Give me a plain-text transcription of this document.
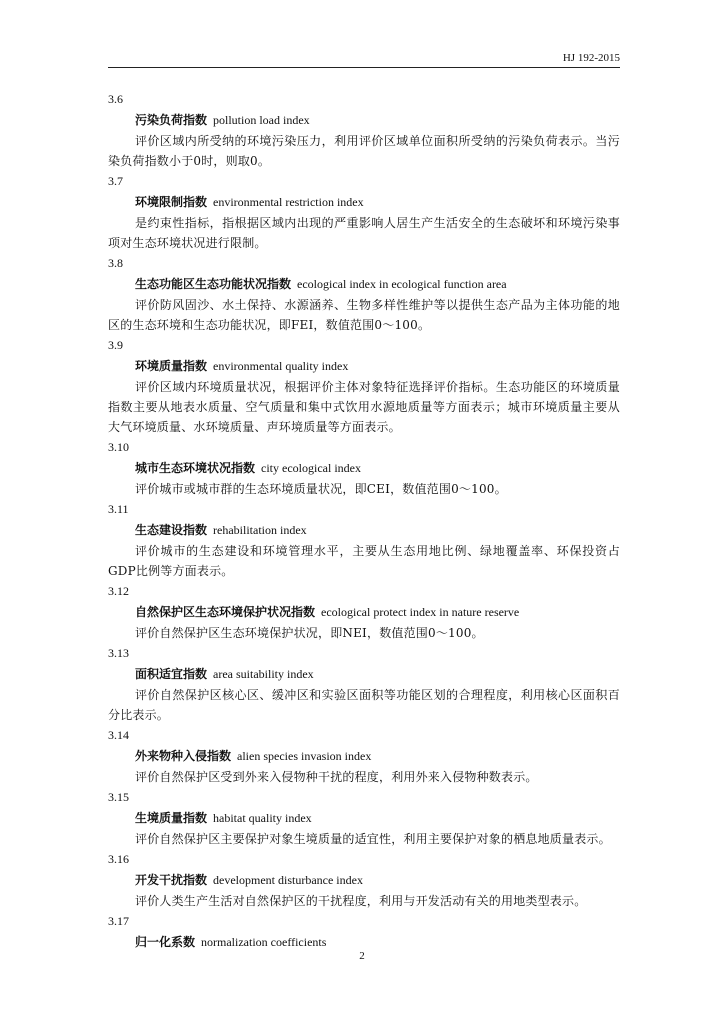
HJ 192-2015
3.6
污染负荷指数 pollution load index

评价区域内所受纳的环境污染压力，利用评价区域单位面积所受纳的污染负荷表示。当污染负荷指数小于0时，则取0。

3.7
环境限制指数 environmental restriction index

是约束性指标，指根据区域内出现的严重影响人居生产生活安全的生态破坏和环境污染事项对生态环境状况进行限制。

3.8
生态功能区生态功能状况指数 ecological index in ecological function area

评价防风固沙、水土保持、水源涵养、生物多样性维护等以提供生态产品为主体功能的地区的生态环境和生态功能状况，即FEI，数值范围0～100。

3.9
环境质量指数 environmental quality index

评价区域内环境质量状况，根据评价主体对象特征选择评价指标。生态功能区的环境质量指数主要从地表水质量、空气质量和集中式饮用水源地质量等方面表示；城市环境质量主要从大气环境质量、水环境质量、声环境质量等方面表示。

3.10
城市生态环境状况指数 city ecological index

评价城市或城市群的生态环境质量状况，即CEI，数值范围0～100。

3.11
生态建设指数 rehabilitation index

评价城市的生态建设和环境管理水平，主要从生态用地比例、绿地覆盖率、环保投资占GDP比例等方面表示。

3.12
自然保护区生态环境保护状况指数 ecological protect index in nature reserve

评价自然保护区生态环境保护状况，即NEI，数值范围0～100。

3.13
面积适宜指数 area suitability index

评价自然保护区核心区、缓冲区和实验区面积等功能区划的合理程度，利用核心区面积百分比表示。

3.14
外来物种入侵指数 alien species invasion index

评价自然保护区受到外来入侵物种干扰的程度，利用外来入侵物种数表示。

3.15
生境质量指数 habitat quality index

评价自然保护区主要保护对象生境质量的适宜性，利用主要保护对象的栖息地质量表示。

3.16
开发干扰指数 development disturbance index

评价人类生产生活对自然保护区的干扰程度，利用与开发活动有关的用地类型表示。

3.17
归一化系数 normalization coefficients
2
